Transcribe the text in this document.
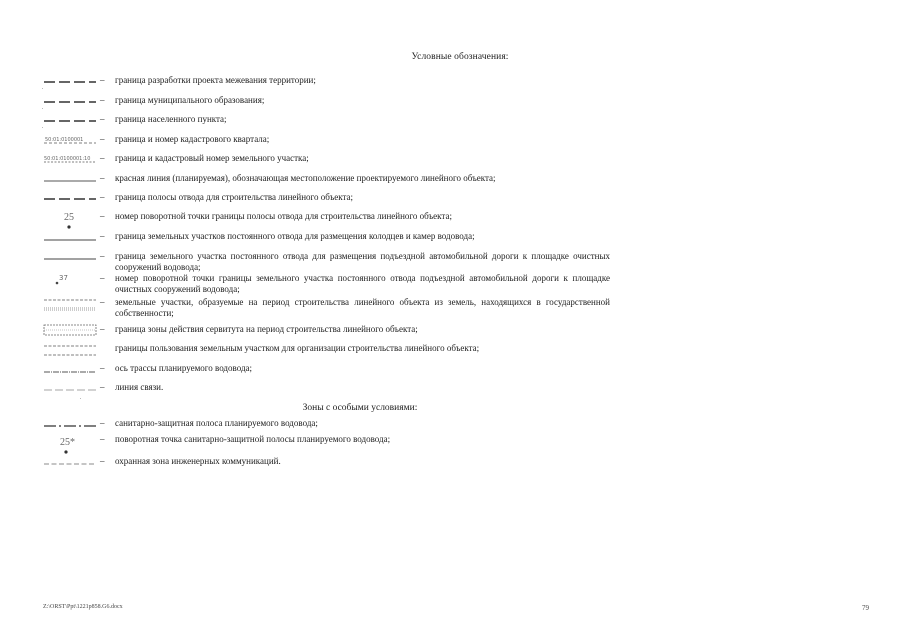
Условные обозначения:
– граница разработки проекта межевания территории;
– граница муниципального образования;
– граница населенного пункта;
50:01:0100001 – граница и номер кадастрового квартала;
50:01:0100001:10 – граница и кадастровый номер земельного участка;
– красная линия (планируемая), обозначающая местоположение проектируемого линейного объекта;
– граница полосы отвода для строительства линейного объекта;
25	– номер поворотной точки границы полосы отвода для строительства линейного объекта;
– граница земельных участков постоянного отвода для размещения колодцев и камер водовода;
– граница земельного участка постоянного отвода для размещения подъездной автомобильной дороги к площадке очистных сооружений водовода;
37	– номер поворотной точки границы земельного участка постоянного отвода подъездной автомобильной дороги к площадке очистных сооружений водовода;
– земельные участки, образуемые на период строительства линейного объекта из земель, находящихся в государственной собственности;
– граница зоны действия сервитута на период строительства линейного объекта;
границы пользования земельным участком для организации строительства линейного объекта;
– ось трассы планируемого водовода;
– линия связи.
Зоны с особыми условиями:
– санитарно-защитная полоса планируемого водовода;
25*	– поворотная точка санитарно-защитной полосы планируемого водовода;
– охранная зона инженерных коммуникаций.
Z:\ORST\Ppt\1221p858.G6.docx	79
